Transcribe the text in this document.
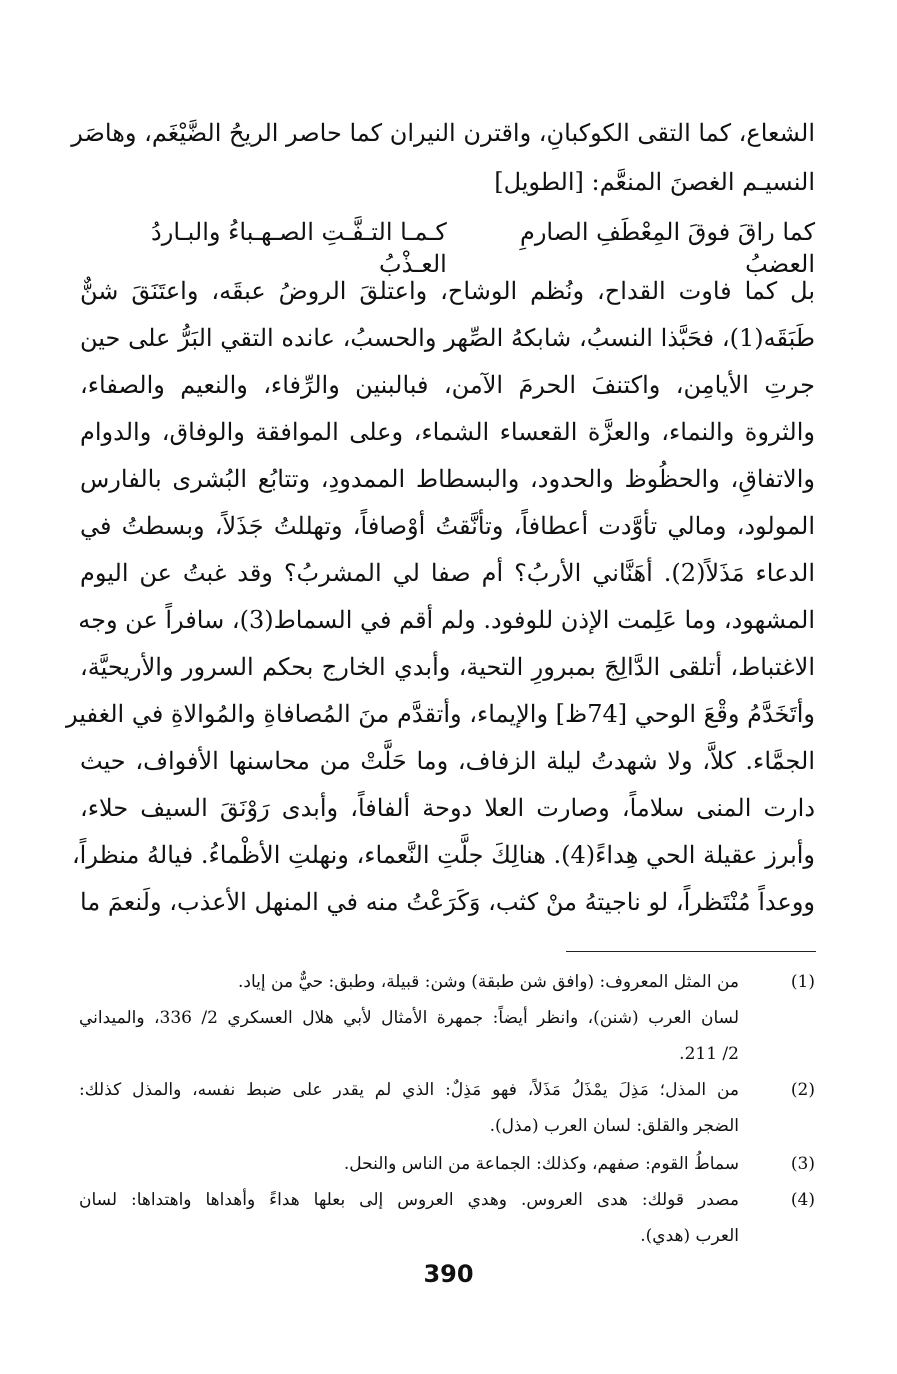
الشعاع، كما التقى الكوكبانِ، واقترن النيران كما حاصر الريحُ الضَّيْغَم، وهاصَر
النسيـم الغصنَ المنعَّم: [الطويل]
كما راقَ فوقَ المِعْطَفِ الصارمِ العضبُ
كـمـا التـفَّـتِ الصـهـباءُ والبـاردُ العـذْبُ
بل كما فاوت القداح، ونُظم الوشاح، واعتلقَ الروضُ عبقَه، واعتَنَقَ شنٌّ
طَبَقَه(1)، فحَبَّذا النسبُ، شابكهُ الصِّهر والحسبُ، عانده التقي البَرُّ على حين
جرتِ الأيامِن، واكتنفَ الحرمَ الآمن، فبالبنين والرِّفاء، والنعيم والصفاء،
والثروة والنماء، والعزَّة القعساء الشماء، وعلى الموافقة والوفاق، والدوام
والاتفاقِ، والحظُوظ والحدود، والبسطاط الممدودِ، وتتابُع البُشرى بالفارس
المولود، ومالي تأوَّدت أعطافاً، وتأنَّقتُ أوْصافاً، وتهللتُ جَذَلاً، وبسطتُ في
الدعاء مَذَلاً(2). أهَنَّاني الأربُ؟ أم صفا لي المشربُ؟ وقد غبتُ عن اليوم
المشهود، وما عَلِمت الإذن للوفود. ولم أقم في السماط(3)، سافراً عن وجه
الاغتباط، أتلقى الدَّالِجَ بمبرورِ التحية، وأبدي الخارج بحكم السرور والأريحيَّة،
وأتَخَدَّمُ وقْعَ الوحي [74ظ] والإيماء، وأتقدَّم منَ المُصافاةِ والمُوالاةِ في الغفير
الجمَّاء. كلاَّ، ولا شهدتُ ليلة الزفاف، وما حَلَّتْ من محاسنها الأفواف، حيث
دارت المنى سلاماً، وصارت العلا دوحة ألفافاً، وأبدى رَوْنَقَ السيف حلاء،
وأبرز عقيلة الحي هِداءً(4). هنالِكَ جلَّتِ النَّعماء، ونهلتِ الأظْماءُ. فيالهُ منظراً،
ووعداً مُنْتَظراً، لو ناجيتهُ منْ كثب، وَكَرَعْتُ منه في المنهل الأعذب، ولَنعمَ ما
(1)
من المثل المعروف: (وافق شن طبقة) وشن: قبيلة، وطبق: حيٌّ من إياد.
لسان العرب (شنن)، وانظر أيضاً: جمهرة الأمثال لأبي هلال العسكري 2/ 336، والميداني
2/ 211.
(2)
من المذل؛ مَذِلَ يمْذَلُ مَذَلاً، فهو مَذِلٌ: الذي لم يقدر على ضبط نفسه، والمذل كذلك:
الضجر والقلق: لسان العرب (مذل).
(3)
سماطُ القوم: صفهم، وكذلك: الجماعة من الناس والنحل.
(4)
مصدر قولك: هدى العروس. وهدي العروس إلى بعلها هداءً وأهداها واهتداها: لسان
العرب (هدي).
390
